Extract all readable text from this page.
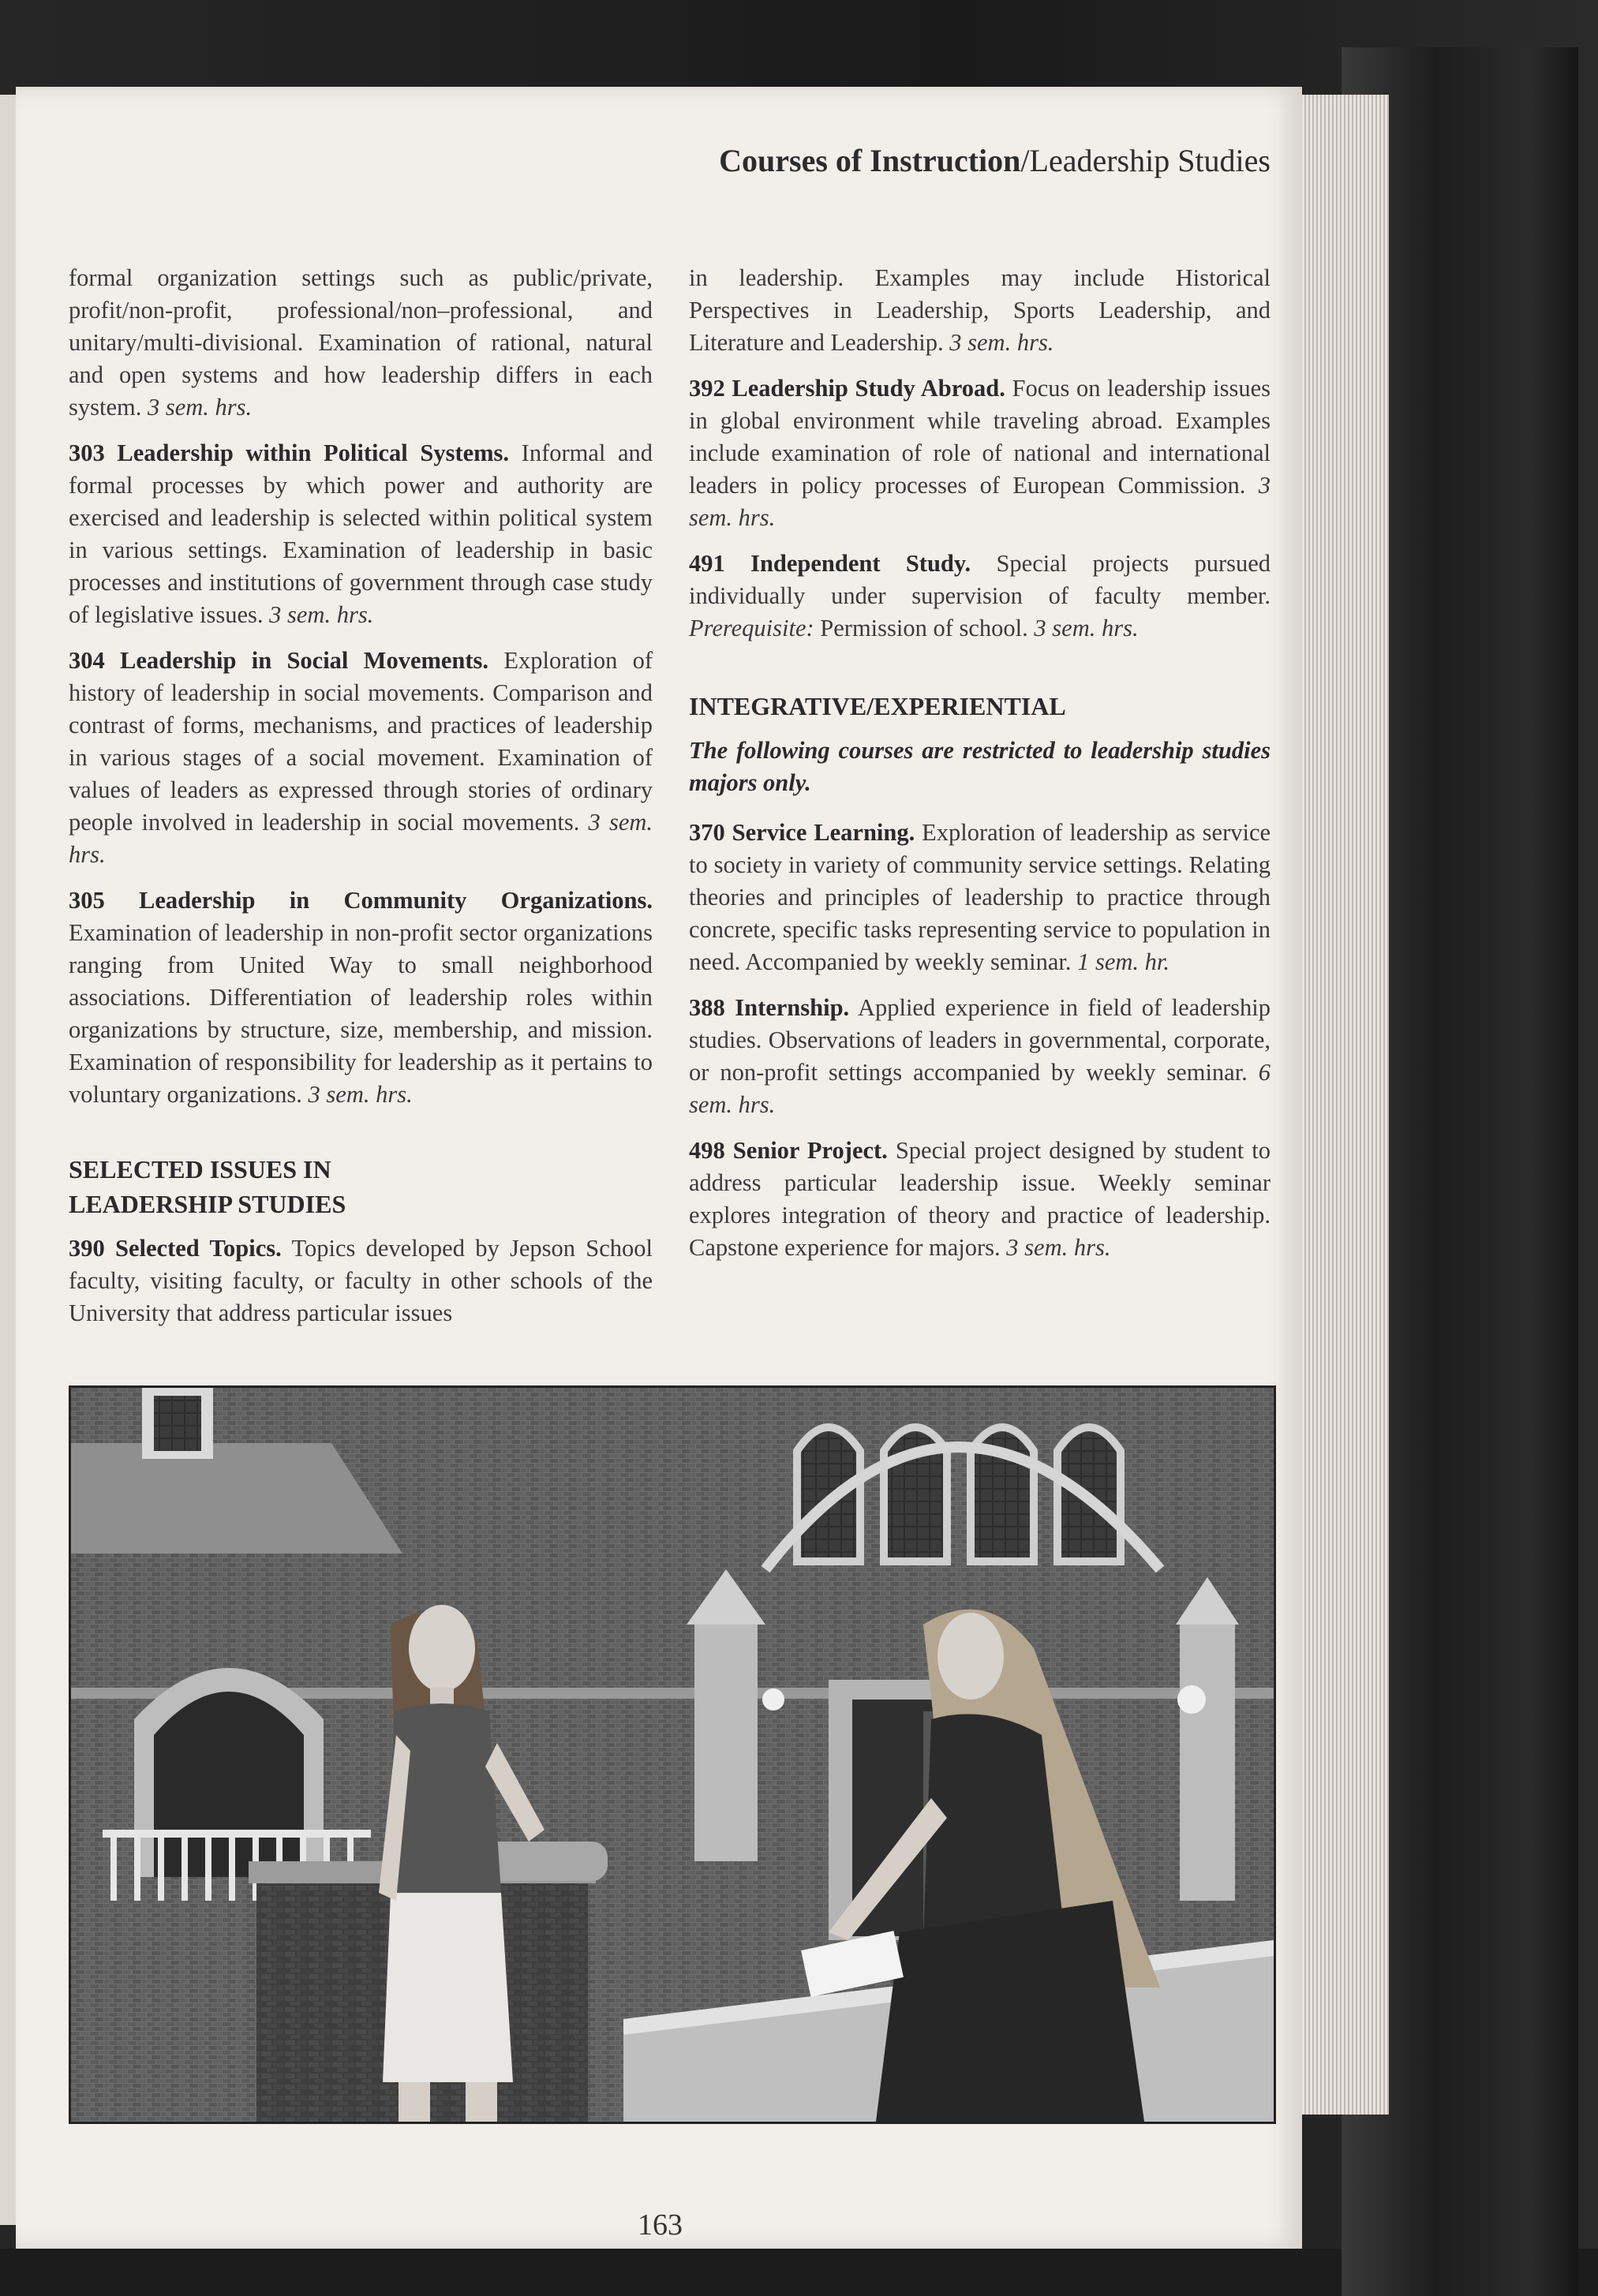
Courses of Instruction/Leadership Studies

formal organization settings such as public/private, profit/non-profit, professional/non–professional, and unitary/multi-divisional. Examination of rational, natural and open systems and how leadership differs in each system. 3 sem. hrs.

303 Leadership within Political Systems. Informal and formal processes by which power and authority are exercised and leadership is selected within political system in various settings. Examination of leadership in basic processes and institutions of government through case study of legislative issues. 3 sem. hrs.

304 Leadership in Social Movements. Exploration of history of leadership in social movements. Comparison and contrast of forms, mechanisms, and practices of leadership in various stages of a social movement. Examination of values of leaders as expressed through stories of ordinary people involved in leadership in social movements. 3 sem. hrs.

305 Leadership in Community Organizations. Examination of leadership in non-profit sector organizations ranging from United Way to small neighborhood associations. Differentiation of leadership roles within organizations by structure, size, membership, and mission. Examination of responsibility for leadership as it pertains to voluntary organizations. 3 sem. hrs.

SELECTED ISSUES IN LEADERSHIP STUDIES

390 Selected Topics. Topics developed by Jepson School faculty, visiting faculty, or faculty in other schools of the University that address particular issues

in leadership. Examples may include Historical Perspectives in Leadership, Sports Leadership, and Literature and Leadership. 3 sem. hrs.

392 Leadership Study Abroad. Focus on leadership issues in global environment while traveling abroad. Examples include examination of role of national and international leaders in policy processes of European Commission. 3 sem. hrs.

491 Independent Study. Special projects pursued individually under supervision of faculty member. Prerequisite: Permission of school. 3 sem. hrs.

INTEGRATIVE/EXPERIENTIAL

The following courses are restricted to leadership studies majors only.

370 Service Learning. Exploration of leadership as service to society in variety of community service settings. Relating theories and principles of leadership to practice through concrete, specific tasks representing service to population in need. Accompanied by weekly seminar. 1 sem. hr.

388 Internship. Applied experience in field of leadership studies. Observations of leaders in governmental, corporate, or non-profit settings accompanied by weekly seminar. 6 sem. hrs.

498 Senior Project. Special project designed by student to address particular leadership issue. Weekly seminar explores integration of theory and practice of leadership. Capstone experience for majors. 3 sem. hrs.

163
